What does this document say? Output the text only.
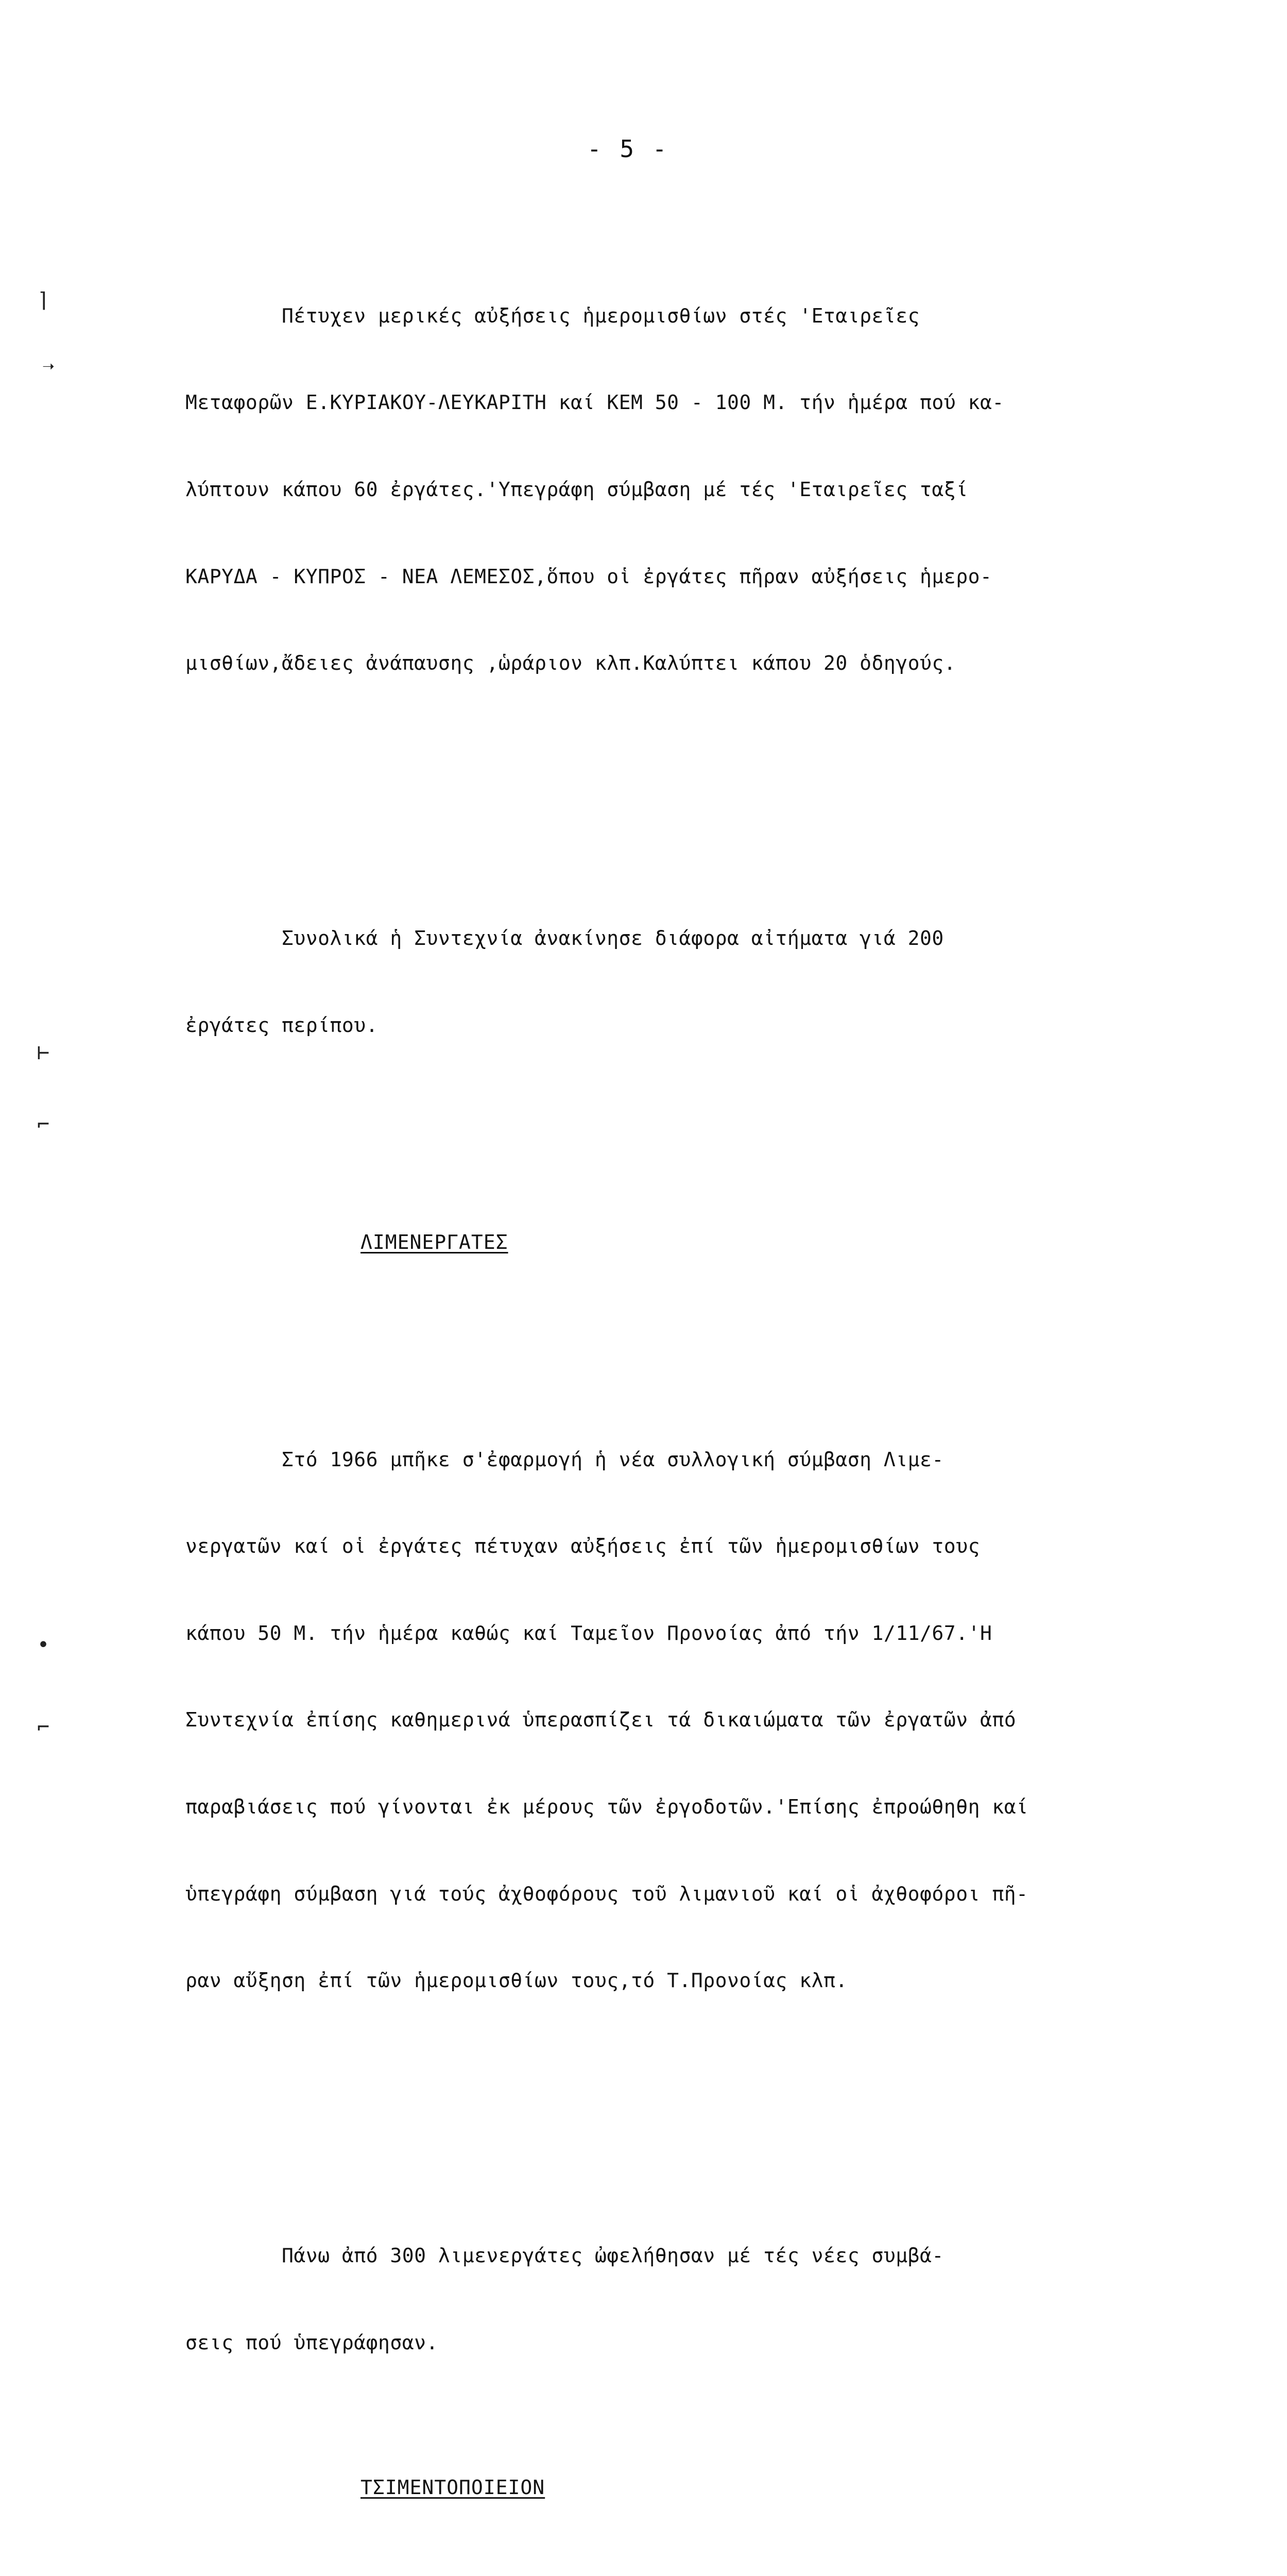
- 5 -

Πέτυχεν μερικές αὐξήσεις ἡμερομισθίων στές 'Εταιρεῖες

Μεταφορῶν Ε.ΚΥΡΙΑΚΟΥ-ΛΕΥΚΑΡΙΤΗ καί ΚΕΜ 50 - 100 Μ. τήν ἡμέρα πού κα-

λύπτουν κάπου 60 ἐργάτες.'Υπεγράφη σύμβαση μέ τές 'Εταιρεῖες ταξί

ΚΑΡΥΔΑ - ΚΥΠΡΟΣ - ΝΕΑ ΛΕΜΕΣΟΣ,ὅπου οἱ ἐργάτες πῆραν αὐξήσεις ἡμερο-

μισθίων,ἄδειες ἀνάπαυσης ,ὡράριον κλπ.Καλύπτει κάπου 20 ὁδηγούς.

Συνολικά ἡ Συντεχνία ἀνακίνησε διάφορα αἰτήματα γιά 200

ἐργάτες περίπου.

ΛΙΜΕΝΕΡΓΑΤΕΣ

Στό 1966 μπῆκε σ'ἐφαρμογή ἡ νέα συλλογική σύμβαση Λιμε-

νεργατῶν καί οἱ ἐργάτες πέτυχαν αὐξήσεις ἐπί τῶν ἡμερομισθίων τους

κάπου 50 Μ. τήν ἡμέρα καθώς καί Ταμεῖον Προνοίας ἀπό τήν 1/11/67.'Η

Συντεχνία ἐπίσης καθημερινά ὑπερασπίζει τά δικαιώματα τῶν ἐργατῶν ἀπό

παραβιάσεις πού γίνονται ἐκ μέρους τῶν ἐργοδοτῶν.'Επίσης ἐπροώθηθη καί

ὑπεγράφη σύμβαση γιά τούς ἀχθοφόρους τοῦ λιμανιοῦ καί οἱ ἀχθοφόροι πῆ-

ραν αὔξηση ἐπί τῶν ἡμερομισθίων τους,τό Τ.Προνοίας κλπ.

Πάνω ἀπό 300 λιμενεργάτες ὠφελήθησαν μέ τές νέες συμβά-

σεις πού ὑπεγράφησαν.

ΤΣΙΜΕΝΤΟΠΟΙΕΙΟΝ

⌉
➝
⊢
⌐
•
⌐
